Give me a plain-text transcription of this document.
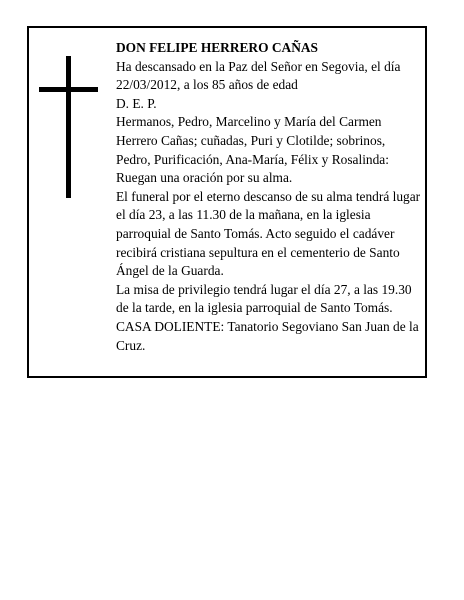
DON FELIPE HERRERO CAÑAS

Ha descansado en la Paz del Señor en Segovia, el día 22/03/2012, a los 85 años de edad

D. E. P.

Hermanos, Pedro, Marcelino y María del Carmen Herrero Cañas; cuñadas, Puri y Clotilde; sobrinos, Pedro, Purificación, Ana-María, Félix y Rosalinda: Ruegan una oración por su alma.

El funeral por el eterno descanso de su alma tendrá lugar el día 23, a las 11.30 de la mañana, en la iglesia parroquial de Santo Tomás. Acto seguido el cadáver recibirá cristiana sepultura en el cementerio de Santo Ángel de la Guarda.

La misa de privilegio tendrá lugar el día 27, a las 19.30 de la tarde, en la iglesia parroquial de Santo Tomás.

CASA DOLIENTE: Tanatorio Segoviano San Juan de la Cruz.
